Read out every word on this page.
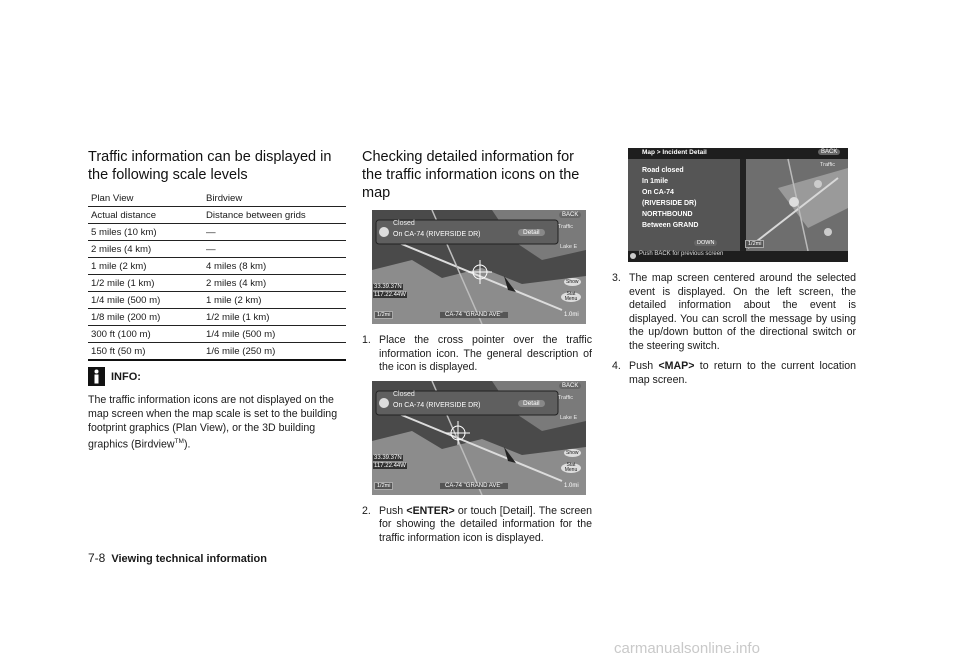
Traffic information can be displayed in the following scale levels
Plan View	Birdview
Actual distance	Distance between grids
5 miles (10 km)	—
2 miles (4 km)	—
1 mile (2 km)	4 miles (8 km)
1/2 mile (1 km)	2 miles (4 km)
1/4 mile (500 m)	1 mile (2 km)
1/8 mile (200 m)	1/2 mile (1 km)
300 ft (100 m)	1/4 mile (500 m)
150 ft (50 m)	1/6 mile (250 m)
INFO:

The traffic information icons are not displayed on the map screen when the map scale is set to the building footprint graphics (Plan View), or the 3D building graphics (Birdview™).

Checking detailed information for the traffic information icons on the map
Closed
On CA-74 (RIVERSIDE DR)	Detail
BACK
Traffic
Lake E
Show
Stat Menu
33.39.37N
117.22.44W
1/2mi	CA-74 "GRAND AVE"	1.0mi
1. Place the cross pointer over the traffic information icon. The general description of the icon is displayed.
Closed
On CA-74 (RIVERSIDE DR)	Detail
BACK
Traffic
Lake E
Show
Stat Menu
33.39.37N
117.22.44W
1/2mi	CA-74 "GRAND AVE"	1.0mi
2. Push <ENTER> or touch [Detail]. The screen for showing the detailed information for the traffic information icon is displayed.
Map > Incident Detail	BACK
Traffic
Road closed
In 1mile
On CA-74
(RIVERSIDE DR)
NORTHBOUND
Between GRAND
DOWN	1/2mi
Push BACK for previous screen
3. The map screen centered around the selected event is displayed. On the left screen, the detailed information about the event is displayed. You can scroll the message by using the up/down button of the directional switch or the steering switch.
4. Push <MAP> to return to the current location map screen.
7-8 Viewing technical information
carmanualsonline.info
